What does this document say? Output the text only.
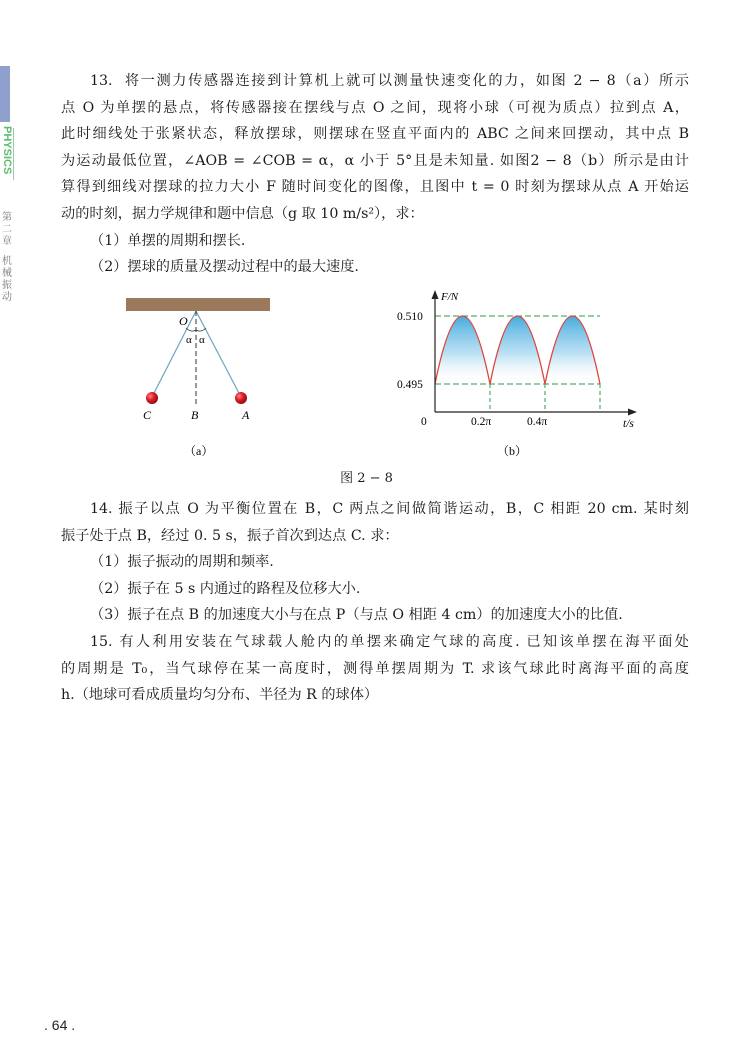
PHYSICS
第二章
机械振动

13. 将一测力传感器连接到计算机上就可以测量快速变化的力，如图 2 − 8（a）所示

点 O 为单摆的悬点，将传感器接在摆线与点 O 之间，现将小球（可视为质点）拉到点 A，

此时细线处于张紧状态，释放摆球，则摆球在竖直平面内的 ABC 之间来回摆动，其中点 B

为运动最低位置，∠AOB = ∠COB = α，α 小于 5°且是未知量. 如图2 − 8（b）所示是由计

算得到细线对摆球的拉力大小 F 随时间变化的图像，且图中 t = 0 时刻为摆球从点 A 开始运

动的时刻，据力学规律和题中信息（g 取 10 m/s²），求：

（1）单摆的周期和摆长.

（2）摆球的质量及摆动过程中的最大速度.

O
α α
C	B	A
（a）
F/N
0.510
0.495
0	0.2π	0.4π	t/s
（b）
图 2 − 8

14. 振子以点 O 为平衡位置在 B，C 两点之间做简谐运动，B，C 相距 20 cm. 某时刻

振子处于点 B，经过 0. 5 s，振子首次到达点 C. 求：

（1）振子振动的周期和频率.

（2）振子在 5 s 内通过的路程及位移大小.

（3）振子在点 B 的加速度大小与在点 P（与点 O 相距 4 cm）的加速度大小的比值.

15. 有人利用安装在气球载人舱内的单摆来确定气球的高度. 已知该单摆在海平面处

的周期是 T₀，当气球停在某一高度时，测得单摆周期为 T. 求该气球此时离海平面的高度

h.（地球可看成质量均匀分布、半径为 R 的球体）

. 64 .
